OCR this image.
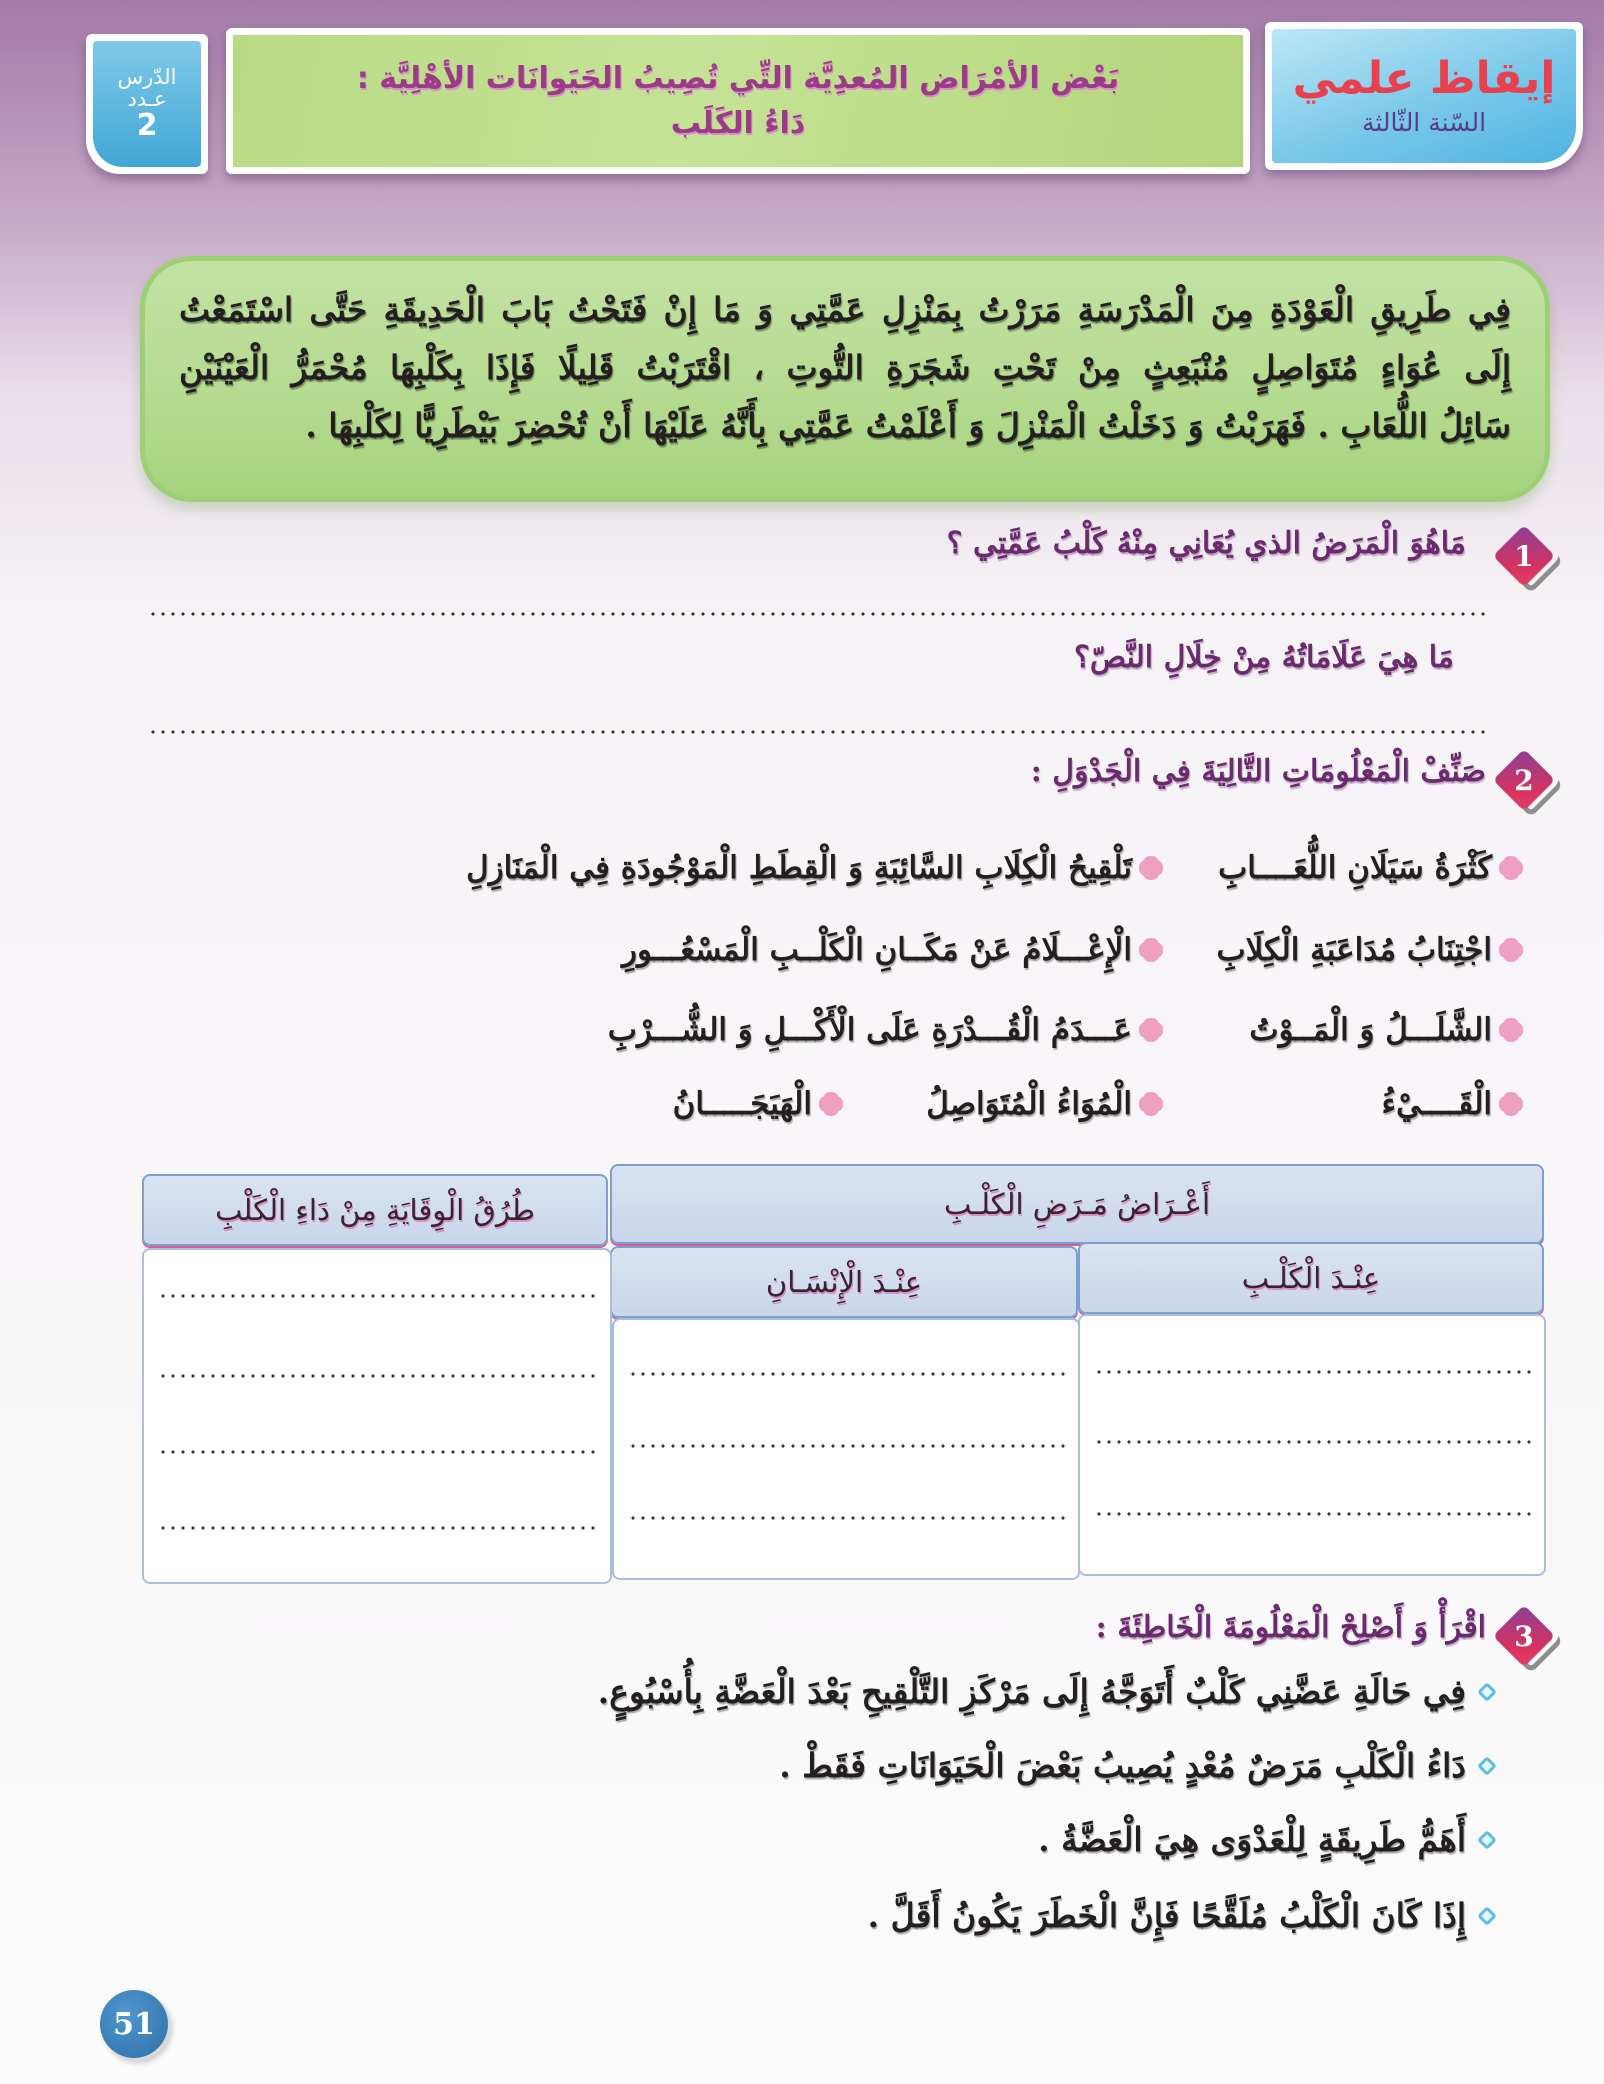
إيقاظ علمي
السّنة الثّالثة
بَعْض الأمْرَاض المُعدِيَّة التِّي تُصِيبُ الحَيَوانَات الأهْلِيَّة :
دَاءُ الكَلَب
الدّرس
عـدد
2

فِي طَرِيقِ الْعَوْدَةِ مِنَ الْمَدْرَسَةِ مَرَرْتُ بِمَنْزِلِ عَمَّتِي وَ مَا إِنْ فَتَحْتُ بَابَ الْحَدِيقَةِ حَتَّى اسْتَمَعْتُ

إِلَى عُوَاءٍ مُتَوَاصِلٍ مُنْبَعِثٍ مِنْ تَحْتِ شَجَرَةِ التُّوتِ ، اقْتَرَبْتُ قَلِيلًا فَإِذَا بِكَلْبِهَا مُحْمَرُّ الْعَيْنَيْنِ

سَائِلُ اللُّعَابِ . فَهَرَبْتُ وَ دَخَلْتُ الْمَنْزِلَ وَ أَعْلَمْتُ عَمَّتِي بِأَنَّهُ عَلَيْهَا أَنْ تُحْضِرَ بَيْطَرِيًّا لِكَلْبِهَا .

1
مَاهُوَ الْمَرَضُ الذي يُعَانِي مِنْهُ كَلْبُ عَمَّتِي ؟
مَا هِيَ عَلَامَاتُهُ مِنْ خِلَالِ النَّصّ؟
2
صَنِّفْ الْمَعْلُومَاتِ التَّالِيَةَ فِي الْجَدْوَلِ :
كَثْرَةُ سَيَلَانِ اللُّعَــــابِ
تَلْقِيحُ الْكِلَابِ السَّائِبَةِ وَ الْقِطَطِ الْمَوْجُودَةِ فِي الْمَنَازِلِ
اجْتِنَابُ مُدَاعَبَةِ الْكِلَابِ
الْإِعْـــلَامُ عَنْ مَكَــانِ الْكَلْــبِ الْمَسْعُـــورِ
الشَّلَـــلُ وَ الْمَــوْتُ
عَـــدَمُ الْقُـــدْرَةِ عَلَى الْأَكْـــلِ وَ الشُّـــرْبِ
الْقَــــيْءُ
الْمُوَاءُ الْمُتَوَاصِلُ
الْهَيَجَـــــانُ
طُرُقُ الْوِقَايَةِ مِنْ دَاءِ الْكَلْبِ	أَعْـرَاضُ مَـرَضِ الْكَلْـبِ
عِنْـدَ الْإِنْسَـانِ	عِنْـدَ الْكَلْـبِ
3
اقْرَأْ وَ أَصْلِحْ الْمَعْلُومَةَ الْخَاطِئَةَ :
فِي حَالَةِ عَضَّنِي كَلْبٌ أَتَوَجَّهُ إِلَى مَرْكَزِ التَّلْقِيحِ بَعْدَ الْعَضَّةِ بِأُسْبُوعٍ.
دَاءُ الْكَلْبِ مَرَضٌ مُعْدٍ يُصِيبُ بَعْضَ الْحَيَوَانَاتِ فَقَطْ .
أَهَمُّ طَرِيقَةٍ لِلْعَدْوَى هِيَ الْعَضَّةُ .
إِذَا كَانَ الْكَلْبُ مُلَقَّحًا فَإِنَّ الْخَطَرَ يَكُونُ أَقَلَّ .
51
